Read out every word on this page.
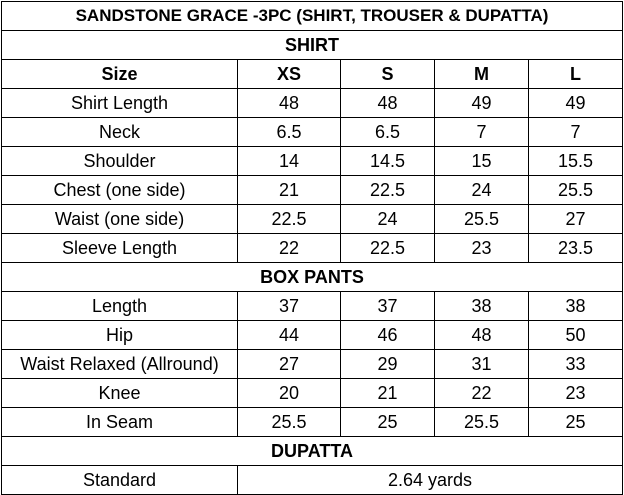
SANDSTONE GRACE -3PC (SHIRT, TROUSER & DUPATTA)				
SHIRT				
Size	XS	S	M	L
Shirt Length	48	48	49	49
Neck	6.5	6.5	7	7
Shoulder	14	14.5	15	15.5
Chest (one side)	21	22.5	24	25.5
Waist (one side)	22.5	24	25.5	27
Sleeve Length	22	22.5	23	23.5
BOX PANTS				
Length	37	37	38	38
Hip	44	46	48	50
Waist Relaxed (Allround)	27	29	31	33
Knee	20	21	22	23
In Seam	25.5	25	25.5	25
DUPATTA				
Standard	2.64 yards			
